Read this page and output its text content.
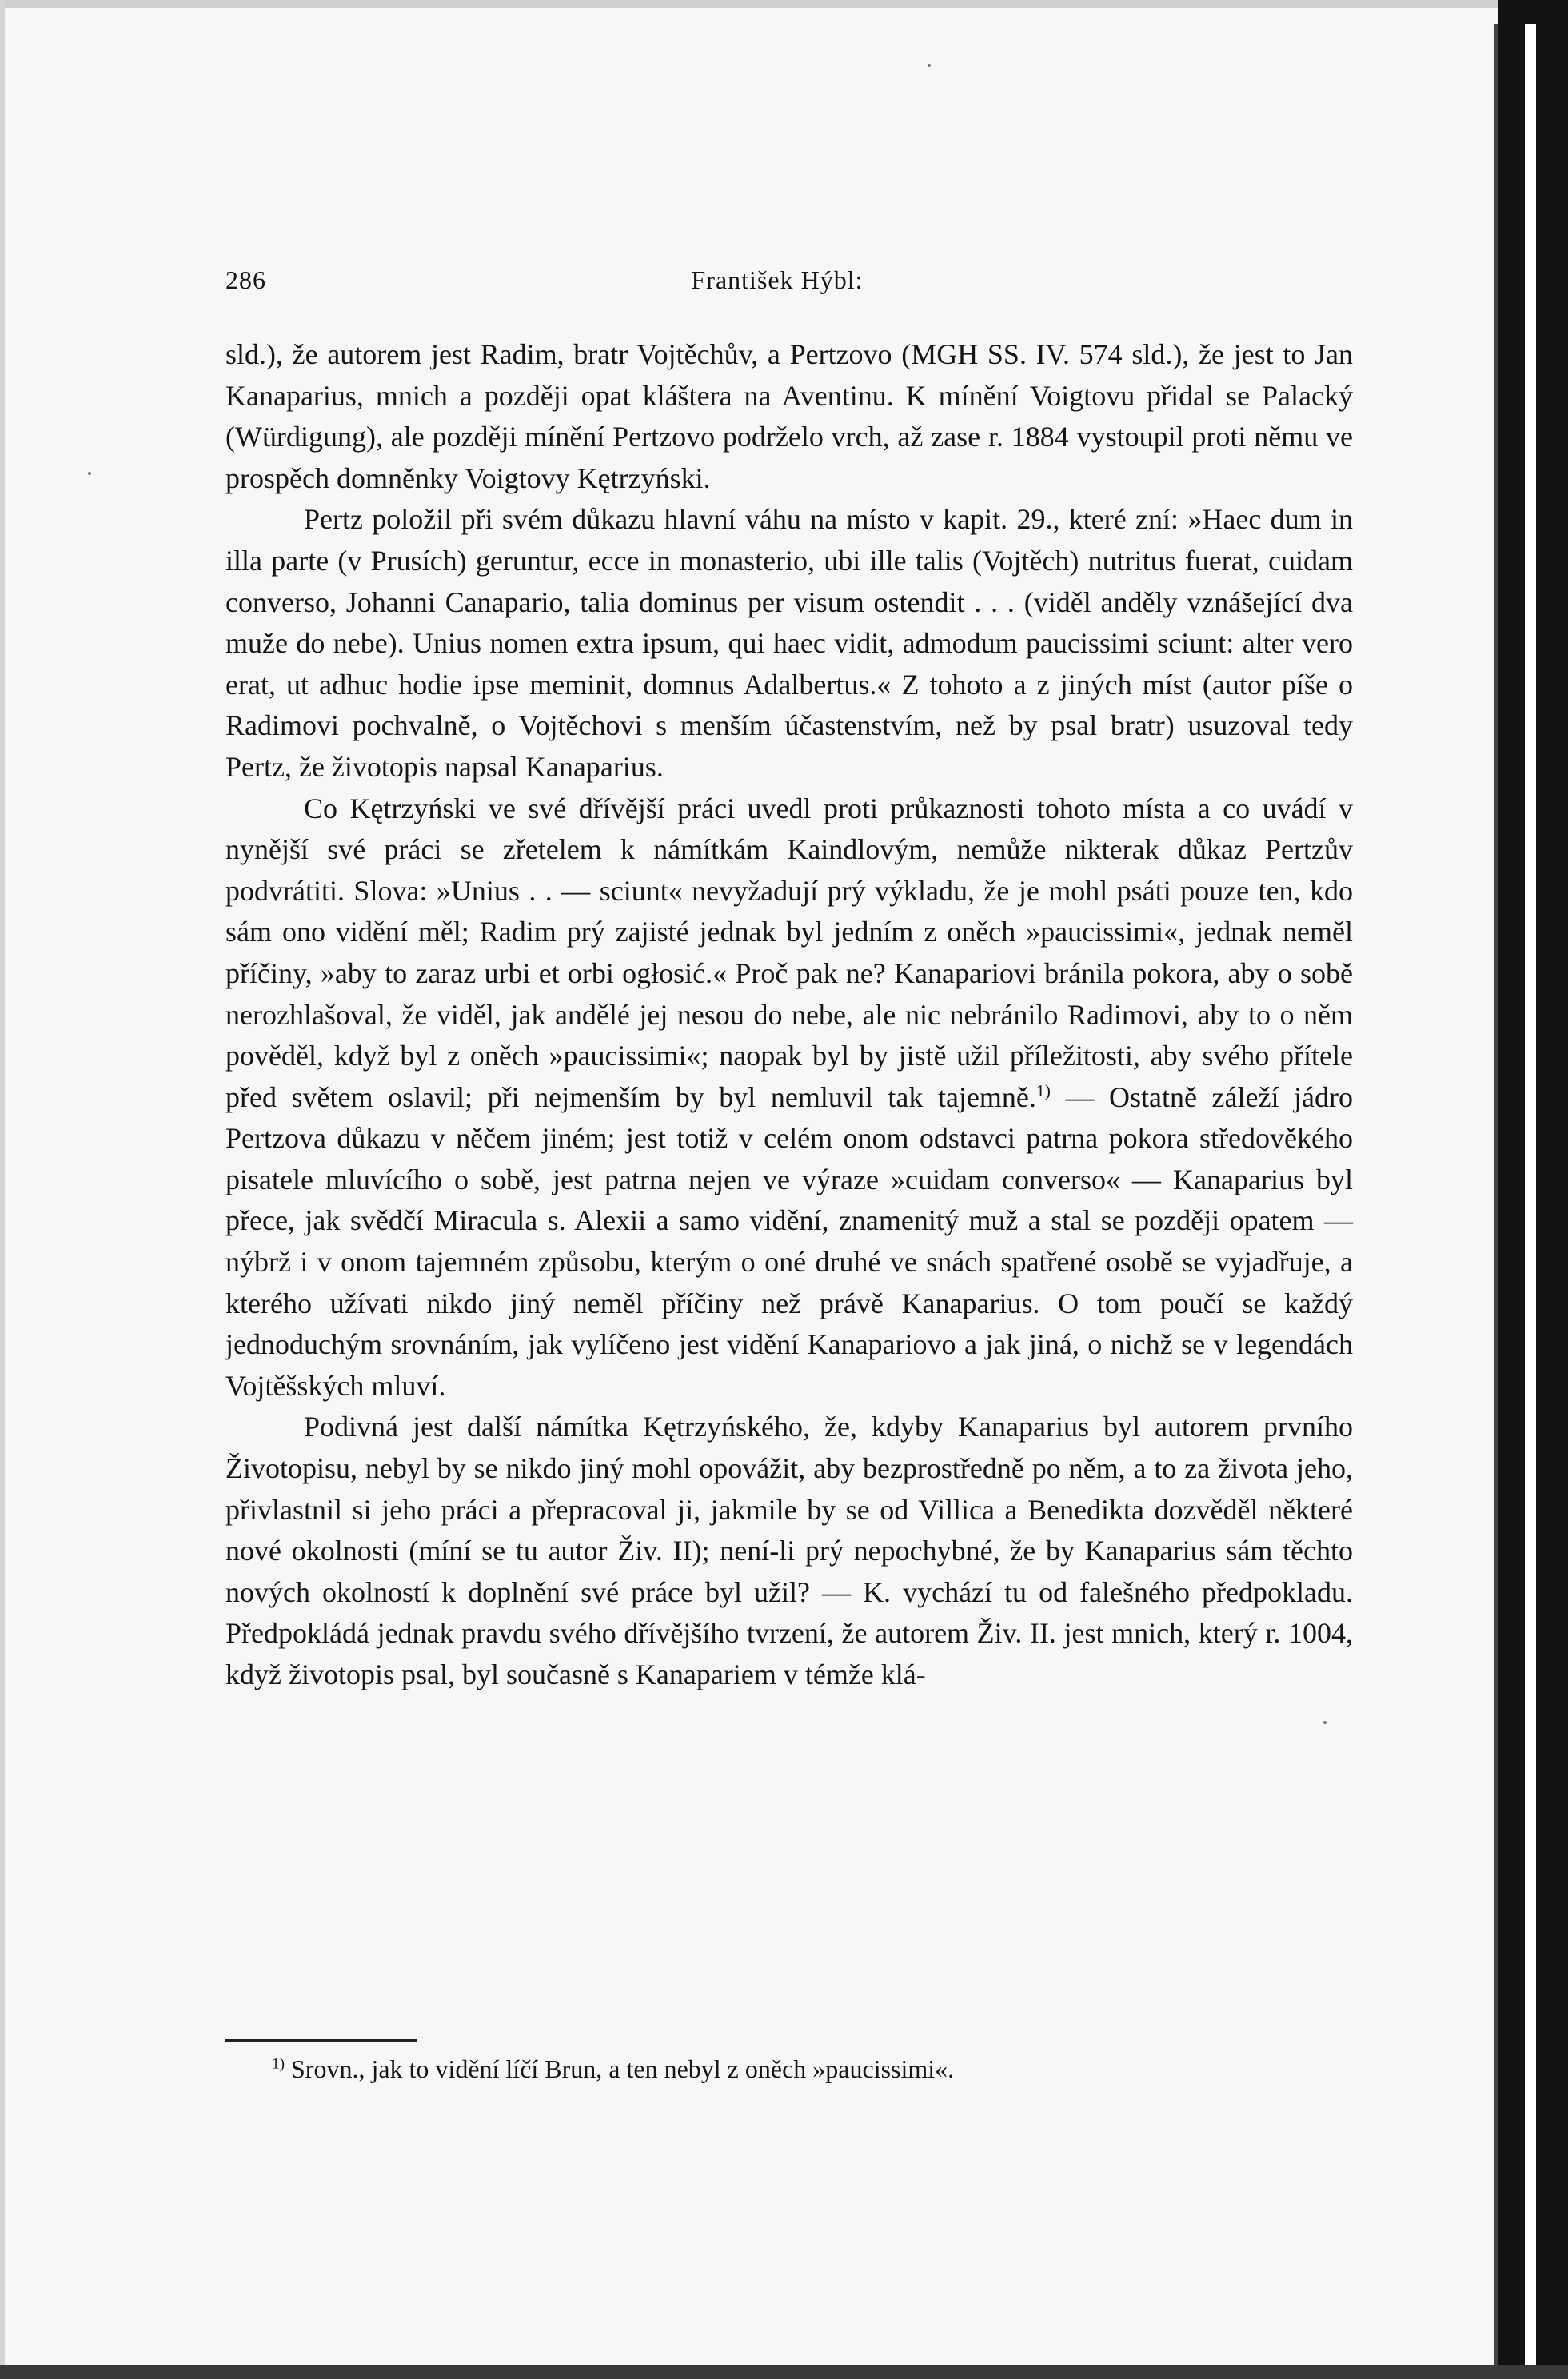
286	František Hýbl:

sld.), že autorem jest Radim, bratr Vojtěchův, a Pertzovo (MGH SS. IV. 574 sld.), že jest to Jan Kanaparius, mnich a později opat kláštera na Aventinu. K mínění Voigtovu přidal se Palacký (Würdigung), ale později mínění Pertzovo podrželo vrch, až zase r. 1884 vystoupil proti němu ve prospěch domněnky Voigtovy Kętrzyński.

Pertz položil při svém důkazu hlavní váhu na místo v kapit. 29., které zní: »Haec dum in illa parte (v Prusích) geruntur, ecce in monasterio, ubi ille talis (Vojtěch) nutritus fuerat, cuidam converso, Johanni Canapario, talia dominus per visum ostendit . . . (viděl anděly vznášející dva muže do nebe). Unius nomen extra ipsum, qui haec vidit, admodum paucissimi sciunt: alter vero erat, ut adhuc hodie ipse meminit, domnus Adalbertus.« Z tohoto a z jiných míst (autor píše o Radimovi pochvalně, o Vojtěchovi s menším účastenstvím, než by psal bratr) usuzoval tedy Pertz, že životopis napsal Kanaparius.

Co Kętrzyński ve své dřívější práci uvedl proti průkaznosti tohoto místa a co uvádí v nynější své práci se zřetelem k námítkám Kaindlovým, nemůže nikterak důkaz Pertzův podvrátiti. Slova: »Unius . . — sciunt« nevyžadují prý výkladu, že je mohl psáti pouze ten, kdo sám ono vidění měl; Radim prý zajisté jednak byl jedním z oněch »paucissimi«, jednak neměl příčiny, »aby to zaraz urbi et orbi ogłosić.« Proč pak ne? Kanapariovi bránila pokora, aby o sobě nerozhlašoval, že viděl, jak andělé jej nesou do nebe, ale nic nebránilo Radimovi, aby to o něm pověděl, když byl z oněch »paucissimi«; naopak byl by jistě užil příležitosti, aby svého přítele před světem oslavil; při nejmenším by byl nemluvil tak tajemně.$^{1)}$ — Ostatně záleží jádro Pertzova důkazu v něčem jiném; jest totiž v celém onom odstavci patrna pokora středověkého pisatele mluvícího o sobě, jest patrna nejen ve výraze »cuidam converso« — Kanaparius byl přece, jak svědčí Miracula s. Alexii a samo vidění, znamenitý muž a stal se později opatem — nýbrž i v onom tajemném způsobu, kterým o oné druhé ve snách spatřené osobě se vyjadřuje, a kterého užívati nikdo jiný neměl příčiny než právě Kanaparius. O tom poučí se každý jednoduchým srovnáním, jak vylíčeno jest vidění Kanapariovo a jak jiná, o nichž se v legendách Vojtěšských mluví.

Podivná jest další námítka Kętrzyńského, že, kdyby Kanaparius byl autorem prvního Životopisu, nebyl by se nikdo jiný mohl opovážit, aby bezprostředně po něm, a to za života jeho, přivlastnil si jeho práci a přepracoval ji, jakmile by se od Villica a Benedikta dozvěděl některé nové okolnosti (míní se tu autor Živ. II); není-li prý nepochybné, že by Kanaparius sám těchto nových okolností k doplnění své práce byl užil? — K. vychází tu od falešného předpokladu. Předpokládá jednak pravdu svého dřívějšího tvrzení, že autorem Živ. II. jest mnich, který r. 1004, když životopis psal, byl současně s Kanapariem v témže klá-

$^{1)}$ Srovn., jak to vidění líčí Brun, a ten nebyl z oněch »paucissimi«.
